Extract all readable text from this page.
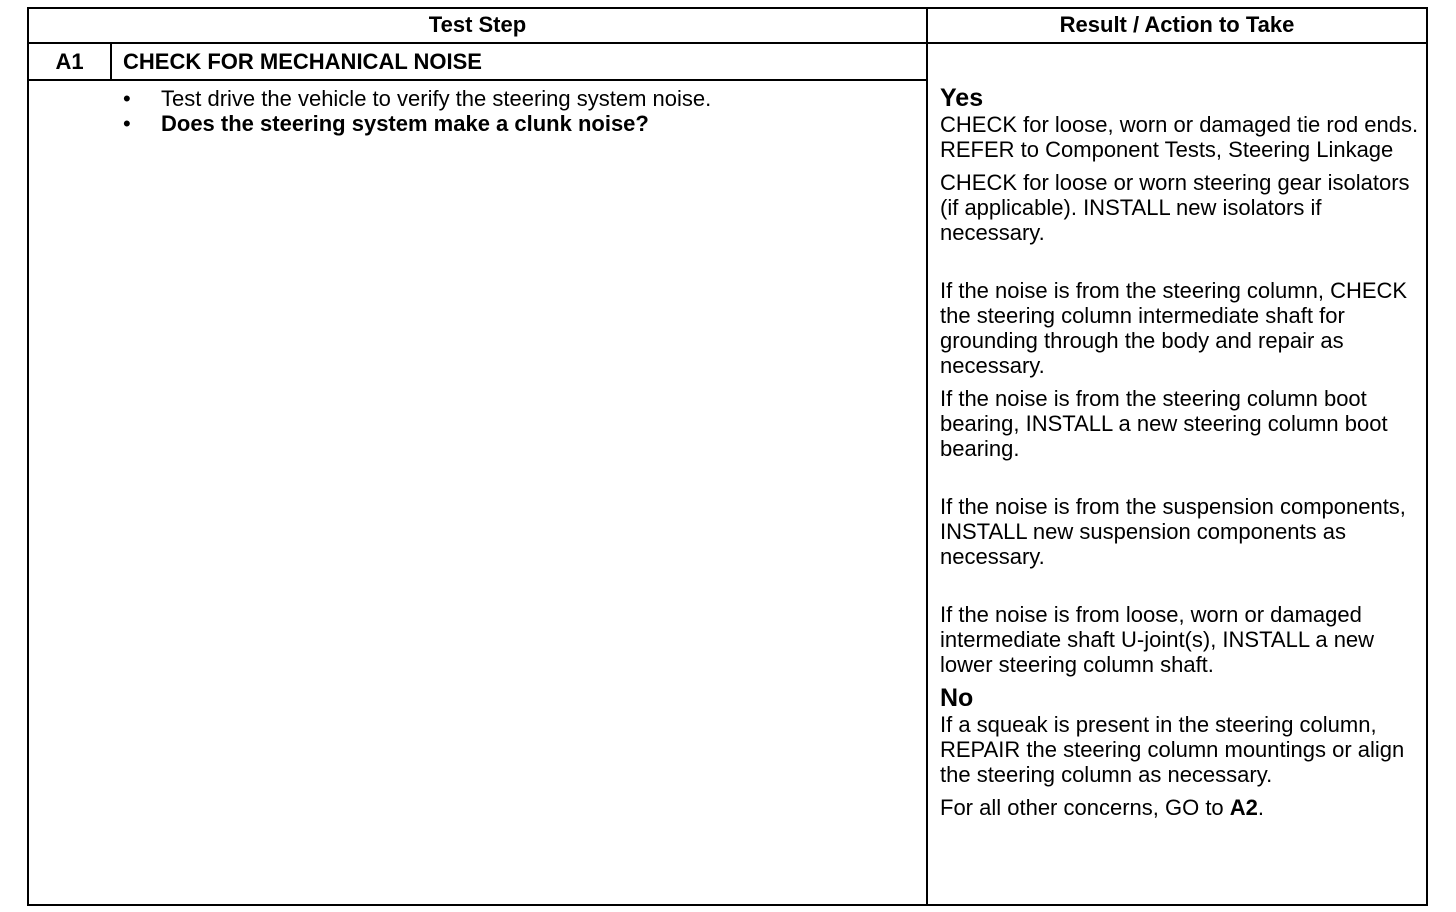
Test Step	Result / Action to Take
A1	CHECK FOR MECHANICAL NOISE
• Test drive the vehicle to verify the steering system noise.
• Does the steering system make a clunk noise?

Yes

CHECK for loose, worn or damaged tie rod ends. REFER to Component Tests, Steering Linkage

CHECK for loose or worn steering gear isolators (if applicable). INSTALL new isolators if necessary.

If the noise is from the steering column, CHECK the steering column intermediate shaft for grounding through the body and repair as necessary.

If the noise is from the steering column boot bearing, INSTALL a new steering column boot bearing.

If the noise is from the suspension components, INSTALL new suspension components as necessary.

If the noise is from loose, worn or damaged intermediate shaft U-joint(s), INSTALL a new lower steering column shaft.

No

If a squeak is present in the steering column, REPAIR the steering column mountings or align the steering column as necessary.

For all other concerns, GO to A2.
